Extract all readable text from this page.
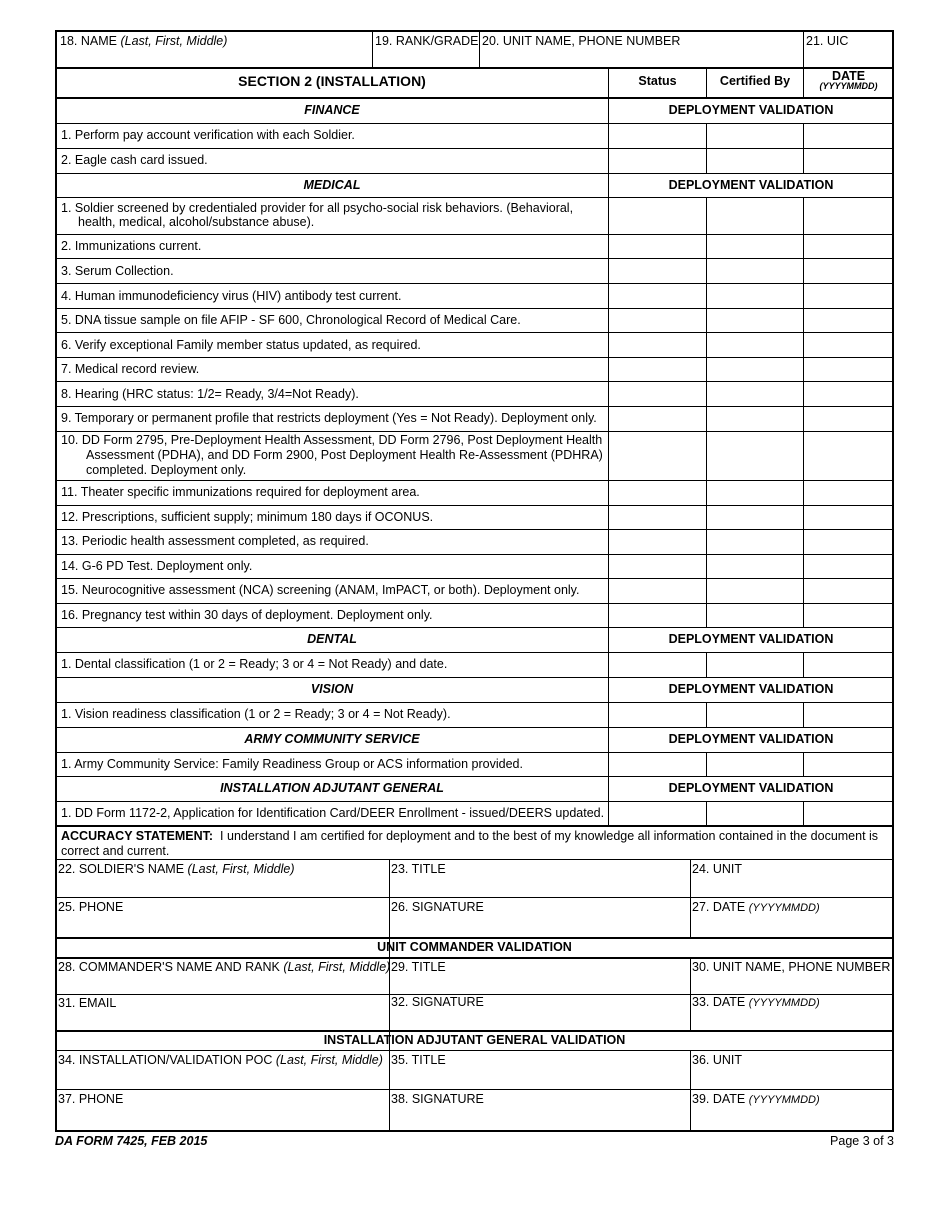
18. NAME (Last, First, Middle)	19. RANK/GRADE 20. UNIT NAME, PHONE NUMBER	21. UIC
SECTION 2 (INSTALLATION)	Status	Certified By	DATE
(YYYYMMDD)
FINANCE	DEPLOYMENT VALIDATION
1. Perform pay account verification with each Soldier.
2. Eagle cash card issued.
MEDICAL	DEPLOYMENT VALIDATION
1. Soldier screened by credentialed provider for all psycho-social risk behaviors. (Behavioral,
health, medical, alcohol/substance abuse).
2. Immunizations current.
3. Serum Collection.
4. Human immunodeficiency virus (HIV) antibody test current.
5. DNA tissue sample on file AFIP - SF 600, Chronological Record of Medical Care.
6. Verify exceptional Family member status updated, as required.
7. Medical record review.
8. Hearing (HRC status: 1/2= Ready, 3/4=Not Ready).
9. Temporary or permanent profile that restricts deployment (Yes = Not Ready). Deployment only.
10. DD Form 2795, Pre-Deployment Health Assessment, DD Form 2796, Post Deployment Health
Assessment (PDHA), and DD Form 2900, Post Deployment Health Re-Assessment (PDHRA)
completed. Deployment only.
11. Theater specific immunizations required for deployment area.
12. Prescriptions, sufficient supply; minimum 180 days if OCONUS.
13. Periodic health assessment completed, as required.
14. G-6 PD Test. Deployment only.
15. Neurocognitive assessment (NCA) screening (ANAM, ImPACT, or both). Deployment only.
16. Pregnancy test within 30 days of deployment. Deployment only.
DENTAL	DEPLOYMENT VALIDATION
1. Dental classification (1 or 2 = Ready; 3 or 4 = Not Ready) and date.
VISION	DEPLOYMENT VALIDATION
1. Vision readiness classification (1 or 2 = Ready; 3 or 4 = Not Ready).
ARMY COMMUNITY SERVICE	DEPLOYMENT VALIDATION
1. Army Community Service: Family Readiness Group or ACS information provided.
INSTALLATION ADJUTANT GENERAL	DEPLOYMENT VALIDATION
1. DD Form 1172-2, Application for Identification Card/DEER Enrollment - issued/DEERS updated.
ACCURACY STATEMENT: I understand I am certified for deployment and to the best of my knowledge all information contained in the document is
correct and current.
22. SOLDIER'S NAME (Last, First, Middle)	23. TITLE	24. UNIT
25. PHONE	26. SIGNATURE	27. DATE (YYYYMMDD)
UNIT COMMANDER VALIDATION
28. COMMANDER'S NAME AND RANK (Last, First, Middle) 29. TITLE	30. UNIT NAME, PHONE NUMBER
31. EMAIL	32. SIGNATURE	33. DATE (YYYYMMDD)
INSTALLATION ADJUTANT GENERAL VALIDATION
34. INSTALLATION/VALIDATION POC (Last, First, Middle) 35. TITLE	36. UNIT
37. PHONE	38. SIGNATURE	39. DATE (YYYYMMDD)
DA FORM 7425, FEB 2015	Page 3 of 3
